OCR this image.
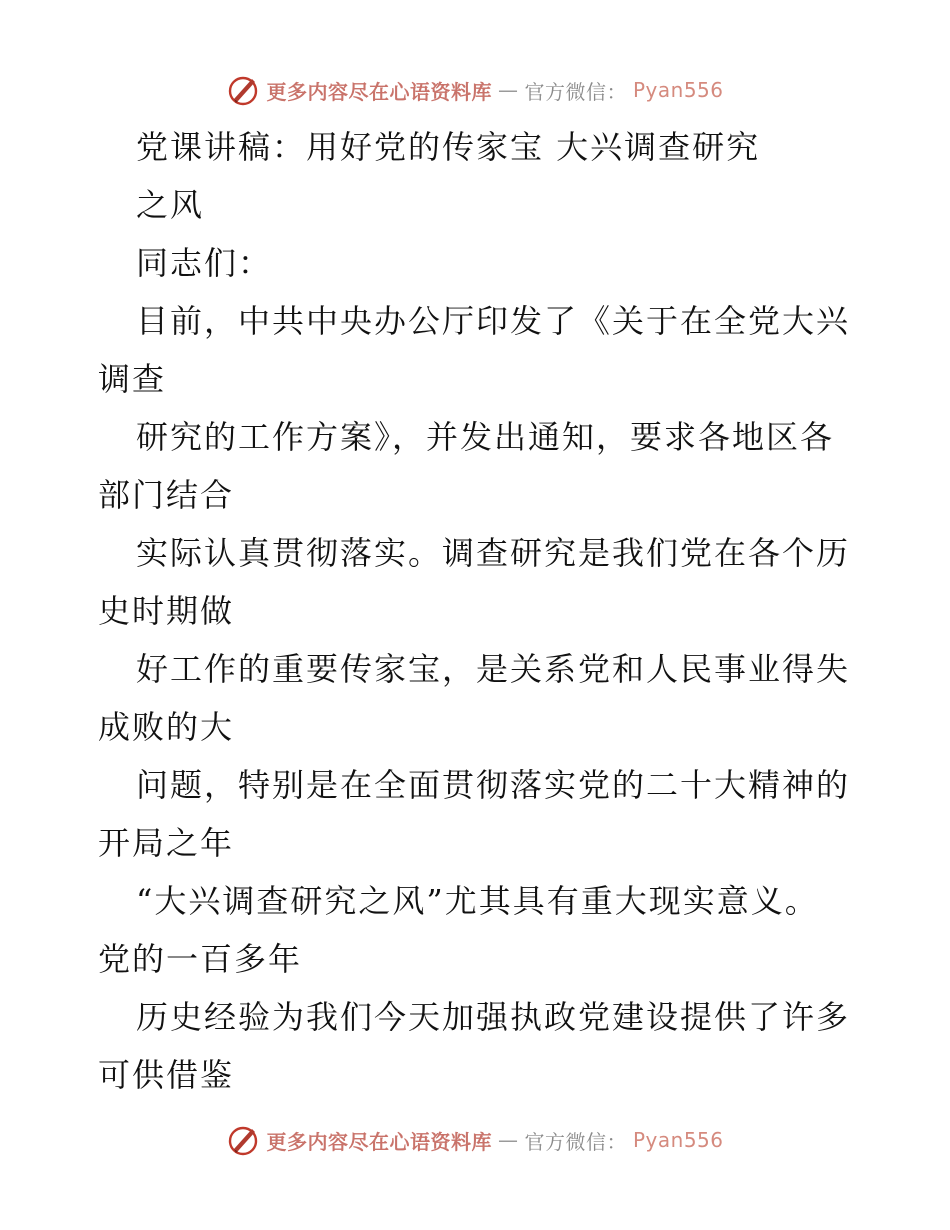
更多内容尽在心语资料库 — 官方微信： Pyan556
党课讲稿：用好党的传家宝 大兴调查研究
之风
同志们：
目前，中共中央办公厅印发了《关于在全党大兴
调查
研究的工作方案》，并发出通知，要求各地区各
部门结合
实际认真贯彻落实。调查研究是我们党在各个历
史时期做
好工作的重要传家宝，是关系党和人民事业得失
成败的大
问题，特别是在全面贯彻落实党的二十大精神的
开局之年
“大兴调查研究之风”尤其具有重大现实意义。
党的一百多年
历史经验为我们今天加强执政党建设提供了许多
可供借鉴
更多内容尽在心语资料库 — 官方微信： Pyan556
